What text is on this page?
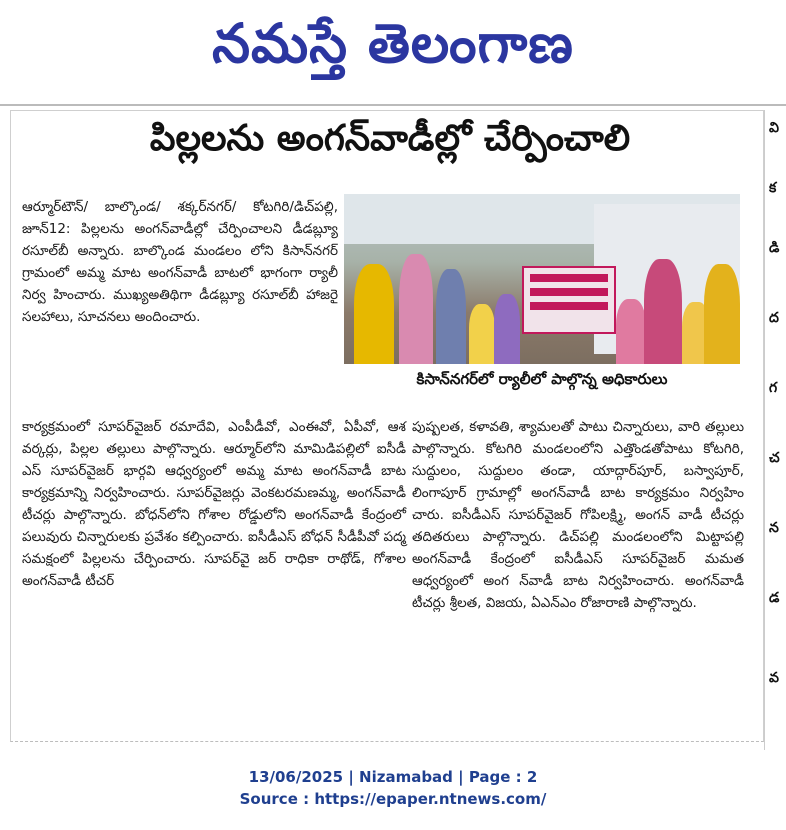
నమస్తే తెలంగాణ
వి
క
డి
ద
గ
చ
న
డ
వ
పిల్లలను అంగన్‌వాడీల్లో చేర్పించాలి
కిసాన్‌నగర్‌లో ర్యాలీలో పాల్గొన్న అధికారులు
ఆర్మూర్‌టౌన్‌/ బాల్కొండ/ శక్కర్‌నగర్‌/ కోటగిరి/డిచ్‌పల్లి, జూన్‌12: పిల్లలను అంగన్‌వాడీల్లో చేర్పించాలని డీడబ్ల్యూ రసూల్‌బీ అన్నారు. బాల్కొండ మండలం లోని కిసాన్‌నగర్‌ గ్రామంలో అమ్మ మాట అంగన్‌వాడీ బాటలో భాగంగా ర్యాలీ నిర్వ హించారు. ముఖ్యఅతిథిగా డీడబ్ల్యూ రసూల్‌బీ హాజరై సలహాలు, సూచనలు అందించారు.
కార్యక్రమంలో సూపర్‌వైజర్‌ రమాదేవి, ఎంపీడీవో, ఎంఈవో, ఏపీవో, ఆశ వర్కర్లు, పిల్లల తల్లులు పాల్గొన్నారు. ఆర్మూర్‌లోని మామిడిపల్లిలో ఐసీడీ ఎస్‌ సూపర్‌వైజర్‌ భార్గవి ఆధ్వర్యంలో అమ్మ మాట అంగన్‌వాడీ బాట కార్యక్రమాన్ని నిర్వహించారు. సూపర్‌వైజర్లు వెంకటరమణమ్మ, అంగన్‌వాడీ టీచర్లు పాల్గొన్నారు. బోధన్‌లోని గోశాల రోడ్డులోని అంగన్‌వాడీ కేంద్రంలో పలువురు చిన్నారులకు ప్రవేశం కల్పించారు. ఐసీడీఎస్‌ బోధన్‌ సీడీపీవో పద్మ సమక్షంలో పిల్లలను చేర్పించారు. సూపర్‌వై జర్‌ రాధికా రాథోడ్‌, గోశాల అంగన్‌వాడీ టీచర్‌
పుష్పలత, కళావతి, శ్యామలతో పాటు చిన్నారులు, వారి తల్లులు పాల్గొన్నారు. కోటగిరి మండలంలోని ఎత్తొండతోపాటు కోటగిరి, సుద్దులం, సుద్దులం తండా, యాద్గార్‌పూర్‌, బస్వాపూర్‌, లింగాపూర్‌ గ్రామాల్లో అంగన్‌వాడీ బాట కార్యక్రమం నిర్వహిం చారు. ఐసీడీఎస్‌ సూపర్‌వైజర్‌ గోపిలక్ష్మి, అంగన్‌ వాడీ టీచర్లు తదితరులు పాల్గొన్నారు. డిచ్‌పల్లి మండలంలోని మిట్టాపల్లి అంగన్‌వాడీ కేంద్రంలో ఐసీడీఎస్‌ సూపర్‌వైజర్‌ మమత ఆధ్వర్యంలో అంగ న్‌వాడీ బాట నిర్వహించారు. అంగన్‌వాడీ టీచర్లు శ్రీలత, విజయ, ఏఎన్‌ఎం రోజారాణి పాల్గొన్నారు.
13/06/2025 | Nizamabad | Page : 2
Source : https://epaper.ntnews.com/
